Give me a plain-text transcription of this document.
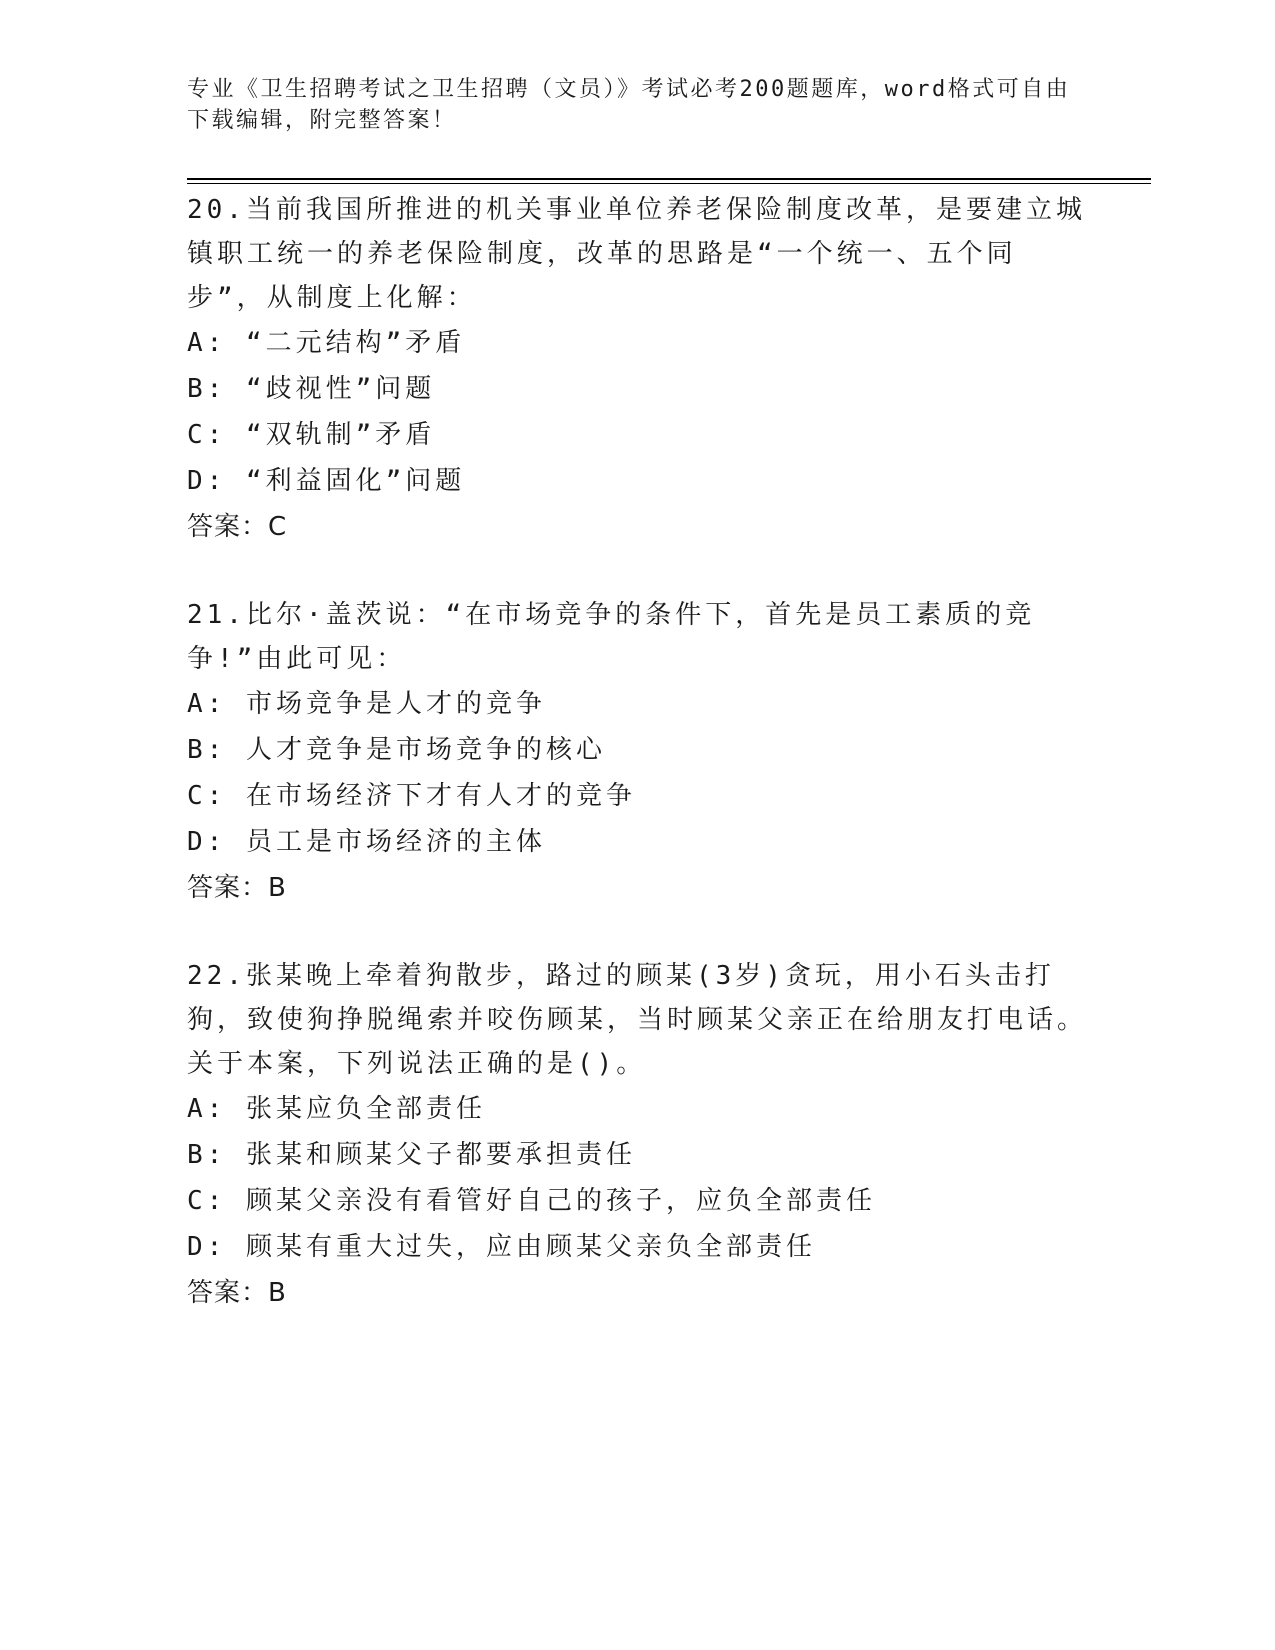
专业《卫生招聘考试之卫生招聘（文员）》考试必考200题题库，word格式可自由下载编辑，附完整答案！

20.当前我国所推进的机关事业单位养老保险制度改革，是要建立城镇职工统一的养老保险制度，改革的思路是“一个统一、五个同步”，从制度上化解：

A: “二元结构”矛盾

B: “歧视性”问题

C: “双轨制”矛盾

D: “利益固化”问题

答案：C

21.比尔·盖茨说：“在市场竞争的条件下，首先是员工素质的竞争!”由此可见：

A: 市场竞争是人才的竞争

B: 人才竞争是市场竞争的核心

C: 在市场经济下才有人才的竞争

D: 员工是市场经济的主体

答案：B

22.张某晚上牵着狗散步，路过的顾某(3岁)贪玩，用小石头击打狗，致使狗挣脱绳索并咬伤顾某，当时顾某父亲正在给朋友打电话。关于本案，下列说法正确的是()。

A: 张某应负全部责任

B: 张某和顾某父子都要承担责任

C: 顾某父亲没有看管好自己的孩子，应负全部责任

D: 顾某有重大过失，应由顾某父亲负全部责任

答案：B
